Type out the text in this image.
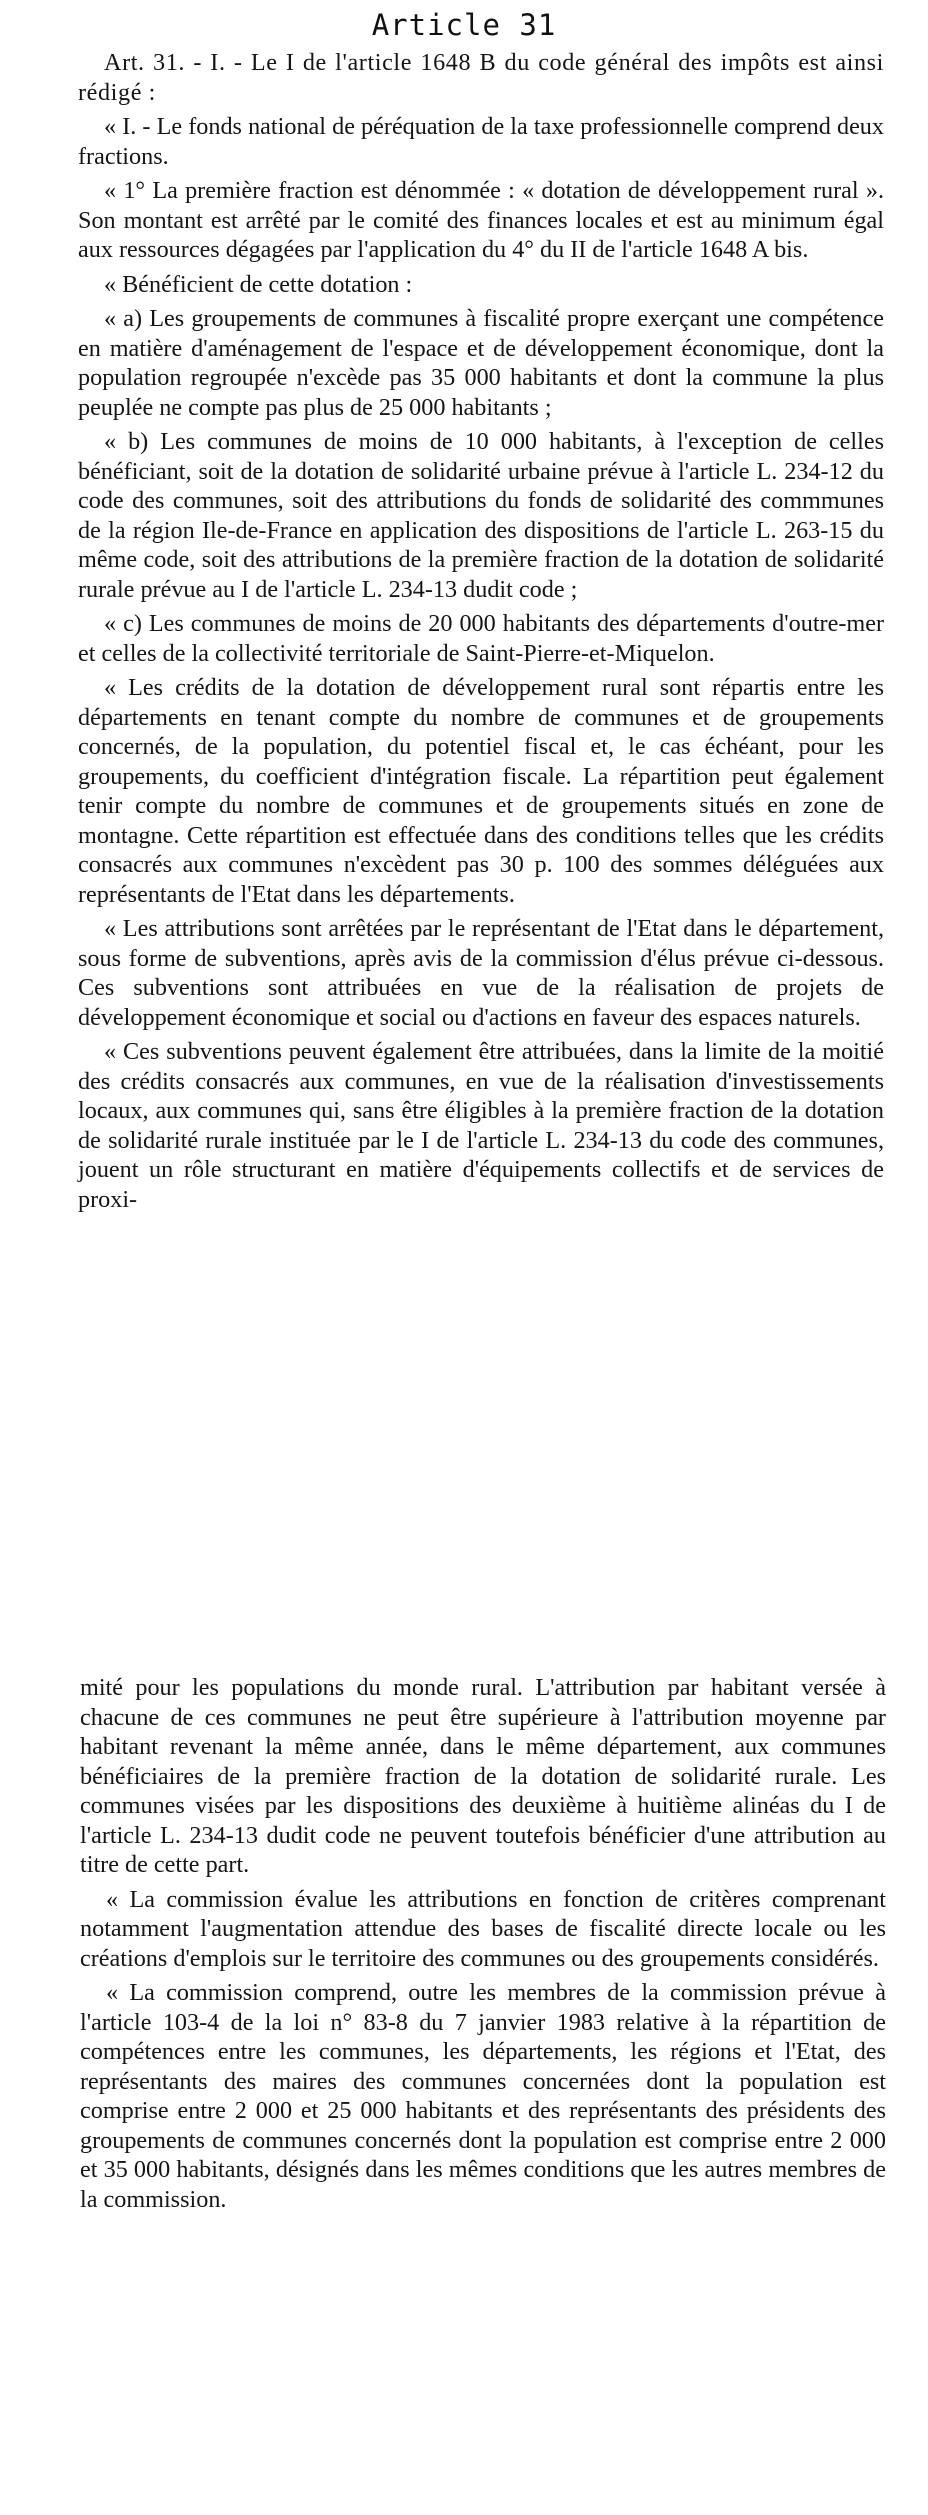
Article 31

Art. 31. - I. - Le I de l'article 1648 B du code général des impôts est ainsi rédigé :

« I. - Le fonds national de péréquation de la taxe professionnelle comprend deux fractions.

« 1° La première fraction est dénommée : « dotation de développement rural ». Son montant est arrêté par le comité des finances locales et est au minimum égal aux ressources dégagées par l'application du 4° du II de l'article 1648 A bis.

« Bénéficient de cette dotation :

« a) Les groupements de communes à fiscalité propre exerçant une compétence en matière d'aménagement de l'espace et de développement économique, dont la population regroupée n'excède pas 35 000 habitants et dont la commune la plus peuplée ne compte pas plus de 25 000 habitants ;

« b) Les communes de moins de 10 000 habitants, à l'exception de celles bénéficiant, soit de la dotation de solidarité urbaine prévue à l'article L. 234-12 du code des communes, soit des attributions du fonds de solidarité des commmunes de la région Ile-de-France en application des dispositions de l'article L. 263-15 du même code, soit des attributions de la première fraction de la dotation de solidarité rurale prévue au I de l'article L. 234-13 dudit code ;

« c) Les communes de moins de 20 000 habitants des départements d'outre-mer et celles de la collectivité territoriale de Saint-Pierre-et-Miquelon.

« Les crédits de la dotation de développement rural sont répartis entre les départements en tenant compte du nombre de communes et de groupements concernés, de la population, du potentiel fiscal et, le cas échéant, pour les groupements, du coefficient d'intégration fiscale. La répartition peut également tenir compte du nombre de communes et de groupements situés en zone de montagne. Cette répartition est effectuée dans des conditions telles que les crédits consacrés aux communes n'excèdent pas 30 p. 100 des sommes déléguées aux représentants de l'Etat dans les départements.

« Les attributions sont arrêtées par le représentant de l'Etat dans le département, sous forme de subventions, après avis de la commission d'élus prévue ci-dessous. Ces subventions sont attribuées en vue de la réalisation de projets de développement économique et social ou d'actions en faveur des espaces naturels.

« Ces subventions peuvent également être attribuées, dans la limite de la moitié des crédits consacrés aux communes, en vue de la réalisation d'investissements locaux, aux communes qui, sans être éligibles à la première fraction de la dotation de solidarité rurale instituée par le I de l'article L. 234-13 du code des communes, jouent un rôle structurant en matière d'équipements collectifs et de services de proxi-

mité pour les populations du monde rural. L'attribution par habitant versée à chacune de ces communes ne peut être supérieure à l'attribution moyenne par habitant revenant la même année, dans le même département, aux communes bénéficiaires de la première fraction de la dotation de solidarité rurale. Les communes visées par les dispositions des deuxième à huitième alinéas du I de l'article L. 234-13 dudit code ne peuvent toutefois bénéficier d'une attribution au titre de cette part.

« La commission évalue les attributions en fonction de critères comprenant notamment l'augmentation attendue des bases de fiscalité directe locale ou les créations d'emplois sur le territoire des communes ou des groupements considérés.

« La commission comprend, outre les membres de la commission prévue à l'article 103-4 de la loi n° 83-8 du 7 janvier 1983 relative à la répartition de compétences entre les communes, les départements, les régions et l'Etat, des représentants des maires des communes concernées dont la population est comprise entre 2 000 et 25 000 habitants et des représentants des présidents des groupements de communes concernés dont la population est comprise entre 2 000 et 35 000 habitants, désignés dans les mêmes conditions que les autres membres de la commission.
